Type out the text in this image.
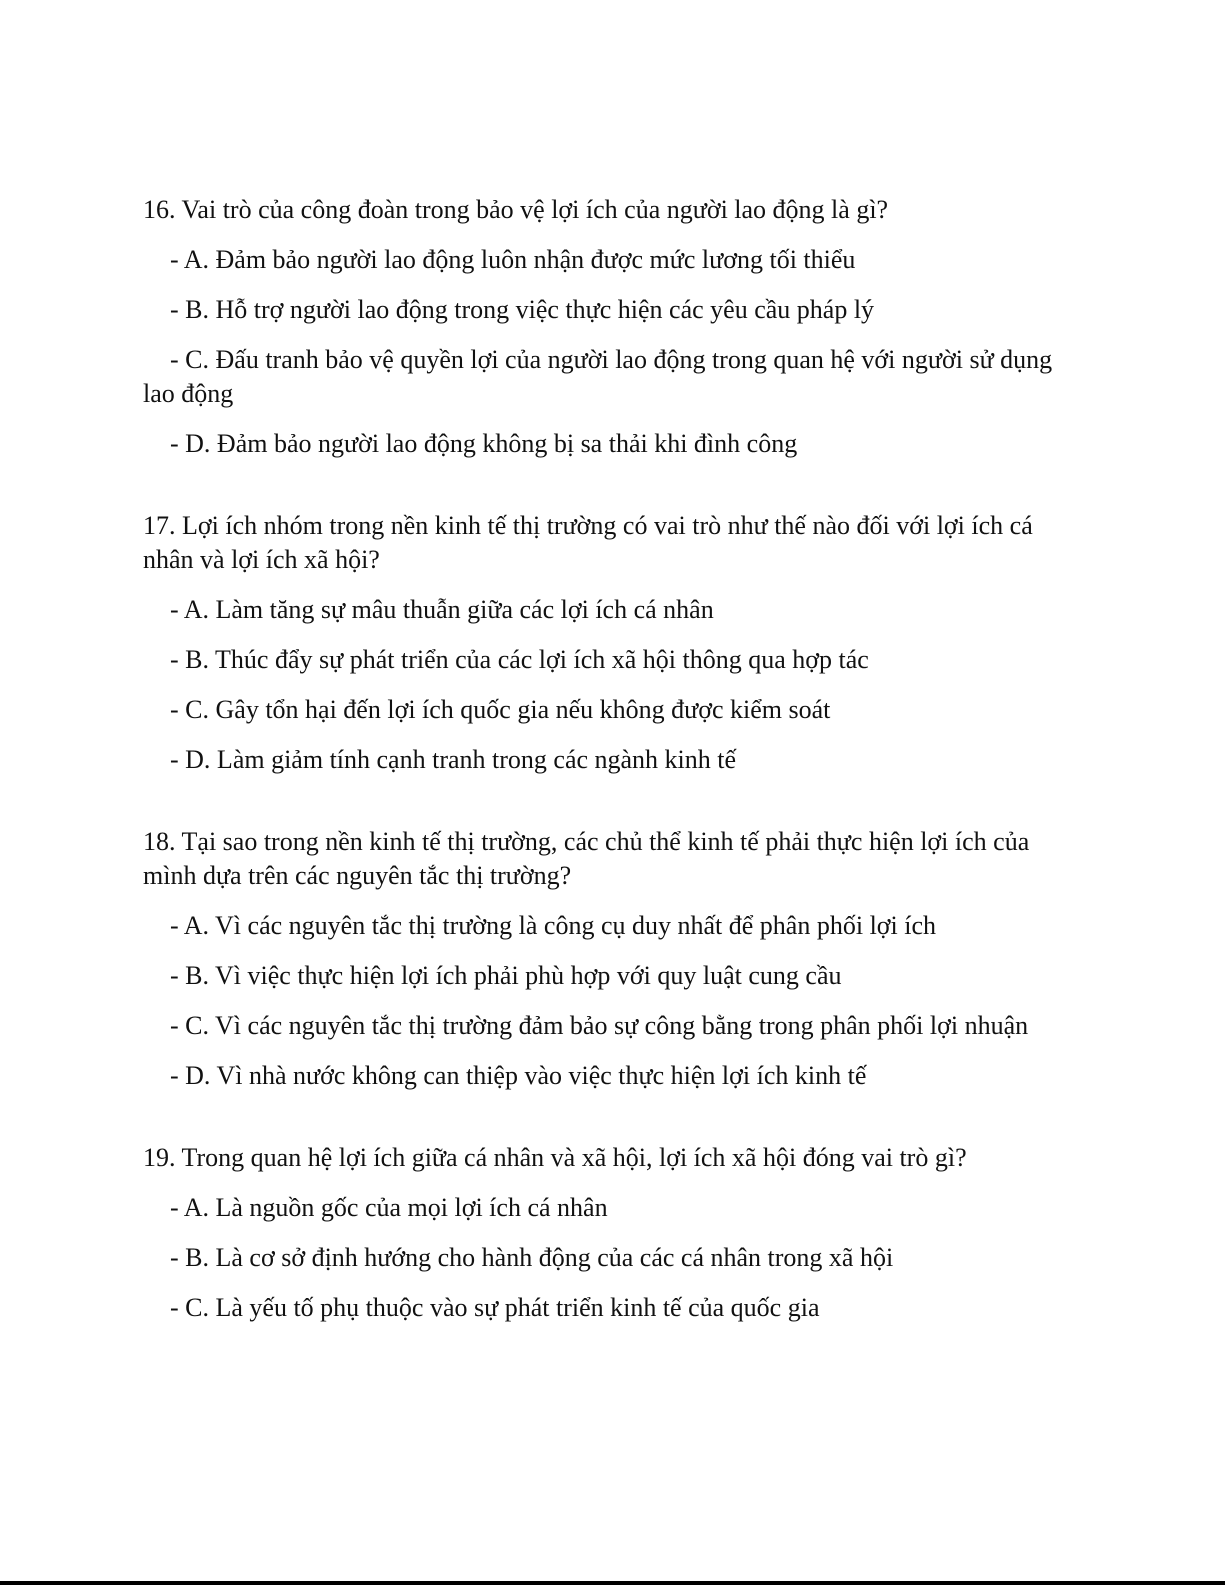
16. Vai trò của công đoàn trong bảo vệ lợi ích của người lao động là gì?

- A. Đảm bảo người lao động luôn nhận được mức lương tối thiểu

- B. Hỗ trợ người lao động trong việc thực hiện các yêu cầu pháp lý

- C. Đấu tranh bảo vệ quyền lợi của người lao động trong quan hệ với người sử dụng lao động

- D. Đảm bảo người lao động không bị sa thải khi đình công

17. Lợi ích nhóm trong nền kinh tế thị trường có vai trò như thế nào đối với lợi ích cá nhân và lợi ích xã hội?

- A. Làm tăng sự mâu thuẫn giữa các lợi ích cá nhân

- B. Thúc đẩy sự phát triển của các lợi ích xã hội thông qua hợp tác

- C. Gây tổn hại đến lợi ích quốc gia nếu không được kiểm soát

- D. Làm giảm tính cạnh tranh trong các ngành kinh tế

18. Tại sao trong nền kinh tế thị trường, các chủ thể kinh tế phải thực hiện lợi ích của mình dựa trên các nguyên tắc thị trường?

- A. Vì các nguyên tắc thị trường là công cụ duy nhất để phân phối lợi ích

- B. Vì việc thực hiện lợi ích phải phù hợp với quy luật cung cầu

- C. Vì các nguyên tắc thị trường đảm bảo sự công bằng trong phân phối lợi nhuận

- D. Vì nhà nước không can thiệp vào việc thực hiện lợi ích kinh tế

19. Trong quan hệ lợi ích giữa cá nhân và xã hội, lợi ích xã hội đóng vai trò gì?

- A. Là nguồn gốc của mọi lợi ích cá nhân

- B. Là cơ sở định hướng cho hành động của các cá nhân trong xã hội

- C. Là yếu tố phụ thuộc vào sự phát triển kinh tế của quốc gia
